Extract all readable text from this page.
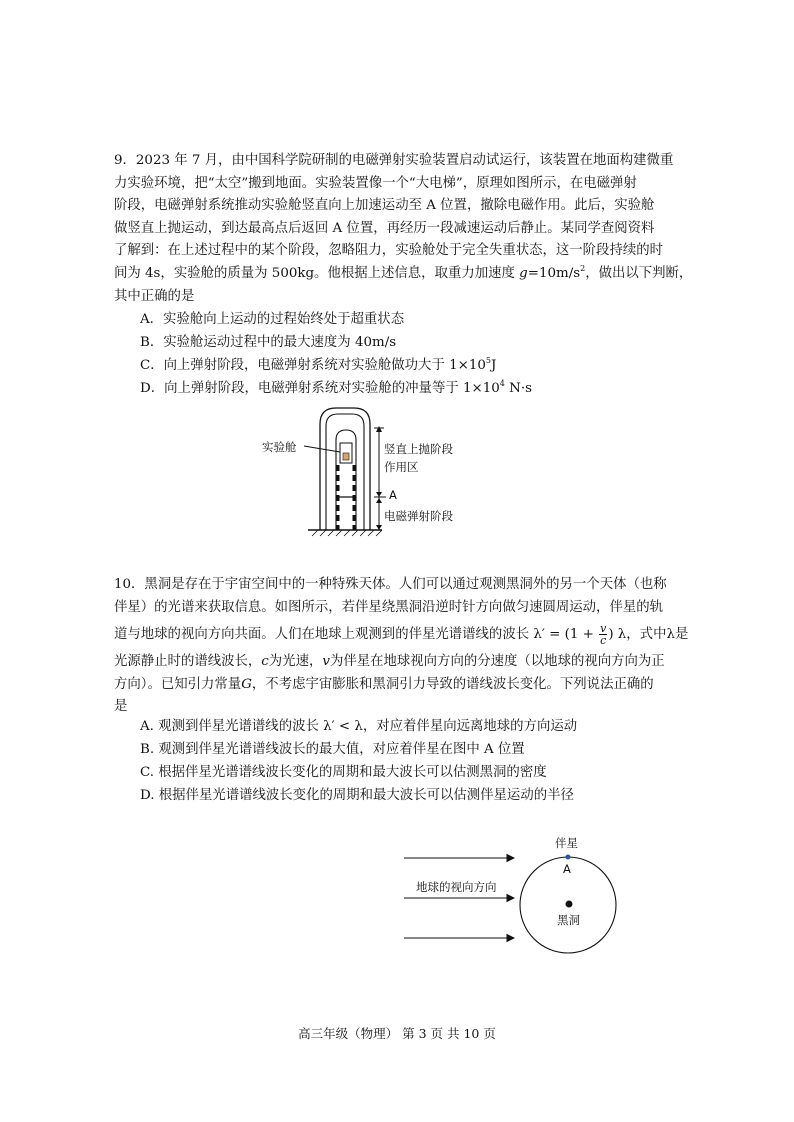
9．2023 年 7 月，由中国科学院研制的电磁弹射实验装置启动试运行，该装置在地面构建微重
力实验环境，把“太空”搬到地面。实验装置像一个“大电梯”，原理如图所示，在电磁弹射
阶段，电磁弹射系统推动实验舱竖直向上加速运动至 A 位置，撤除电磁作用。此后，实验舱
做竖直上抛运动，到达最高点后返回 A 位置，再经历一段减速运动后静止。某同学查阅资料
了解到：在上述过程中的某个阶段，忽略阻力，实验舱处于完全失重状态，这一阶段持续的时
间为 4s，实验舱的质量为 500kg。他根据上述信息，取重力加速度 $g=10m/s^2$，做出以下判断，
其中正确的是
A．实验舱向上运动的过程始终处于超重状态
B．实验舱运动过程中的最大速度为 40m/s
C．向上弹射阶段，电磁弹射系统对实验舱做功大于 $1\times 10^5J$
D．向上弹射阶段，电磁弹射系统对实验舱的冲量等于 $1\times 10^4$ N·s
实验舱	竖直上抛阶段
作用区
A
电磁弹射阶段
10．黑洞是存在于宇宙空间中的一种特殊天体。人们可以通过观测黑洞外的另一个天体（也称
伴星）的光谱来获取信息。如图所示，若伴星绕黑洞沿逆时针方向做匀速圆周运动，伴星的轨
道与地球的视向方向共面。人们在地球上观测到的伴星光谱谱线的波长 $\lambda' = (1 + \frac{v}{c}$ ) λ，式中λ是
光源静止时的谱线波长，c为光速，v为伴星在地球视向方向的分速度（以地球的视向方向为正
方向）。已知引力常量G，不考虑宇宙膨胀和黑洞引力导致的谱线波长变化。下列说法正确的
是
A. 观测到伴星光谱谱线的波长 λ′ < λ，对应着伴星向远离地球的方向运动
B. 观测到伴星光谱谱线波长的最大值，对应着伴星在图中 A 位置
C. 根据伴星光谱谱线波长变化的周期和最大波长可以估测黑洞的密度
D. 根据伴星光谱谱线波长变化的周期和最大波长可以估测伴星运动的半径
伴星
A
地球的视向方向
黑洞
高三年级（物理） 第 3 页 共 10 页
